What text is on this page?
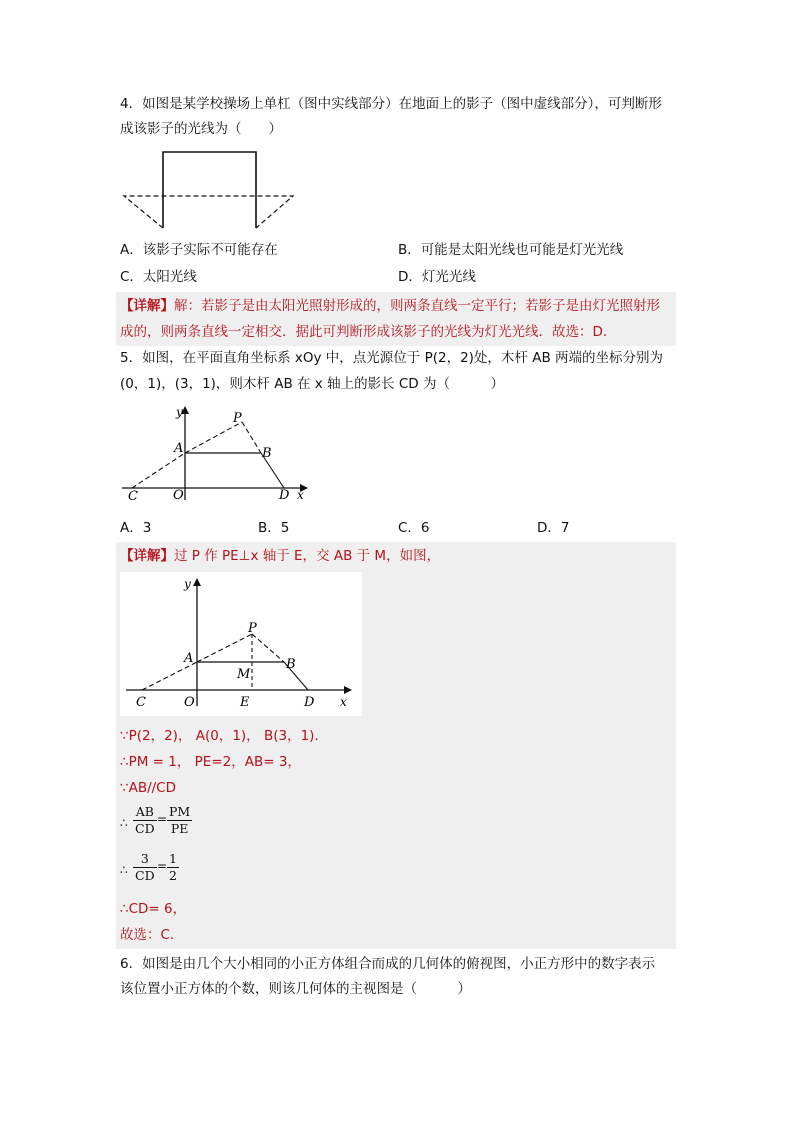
4．如图是某学校操场上单杠（图中实线部分）在地面上的影子（图中虚线部分），可判断形
成该影子的光线为（　　）
A．该影子实际不可能存在	B．可能是太阳光线也可能是灯光光线
C．太阳光线	D．灯光光线
【详解】解：若影子是由太阳光照射形成的，则两条直线一定平行；若影子是由灯光照射形
成的，则两条直线一定相交．据此可判断形成该影子的光线为灯光光线．故选：D．
5．如图，在平面直角坐标系 xOy 中，点光源位于 P(2，2)处，木杆 AB 两端的坐标分别为
(0，1)，(3，1)，则木杆 AB 在 x 轴上的影长 CD 为（　　　）
y	P
A	B
C	O	D x
A．3	B．5	C．6	D．7
【详解】过 P 作 PE⊥x 轴于 E，交 AB 于 M，如图，
y
P
A	B
M
C	O	E	D x
∵P(2，2)， A(0，1)， B(3，1)．
∴PM = 1， PE=2，AB= 3，
∵AB//CD
∴ $\frac{AB}{CD} = \frac{PM}{PE}$
∴ $\frac{3}{CD} = \frac{1}{2}$
∴CD= 6，
故选：C．
6．如图是由几个大小相同的小正方体组合而成的几何体的俯视图，小正方形中的数字表示
该位置小正方体的个数，则该几何体的主视图是（　　　）
